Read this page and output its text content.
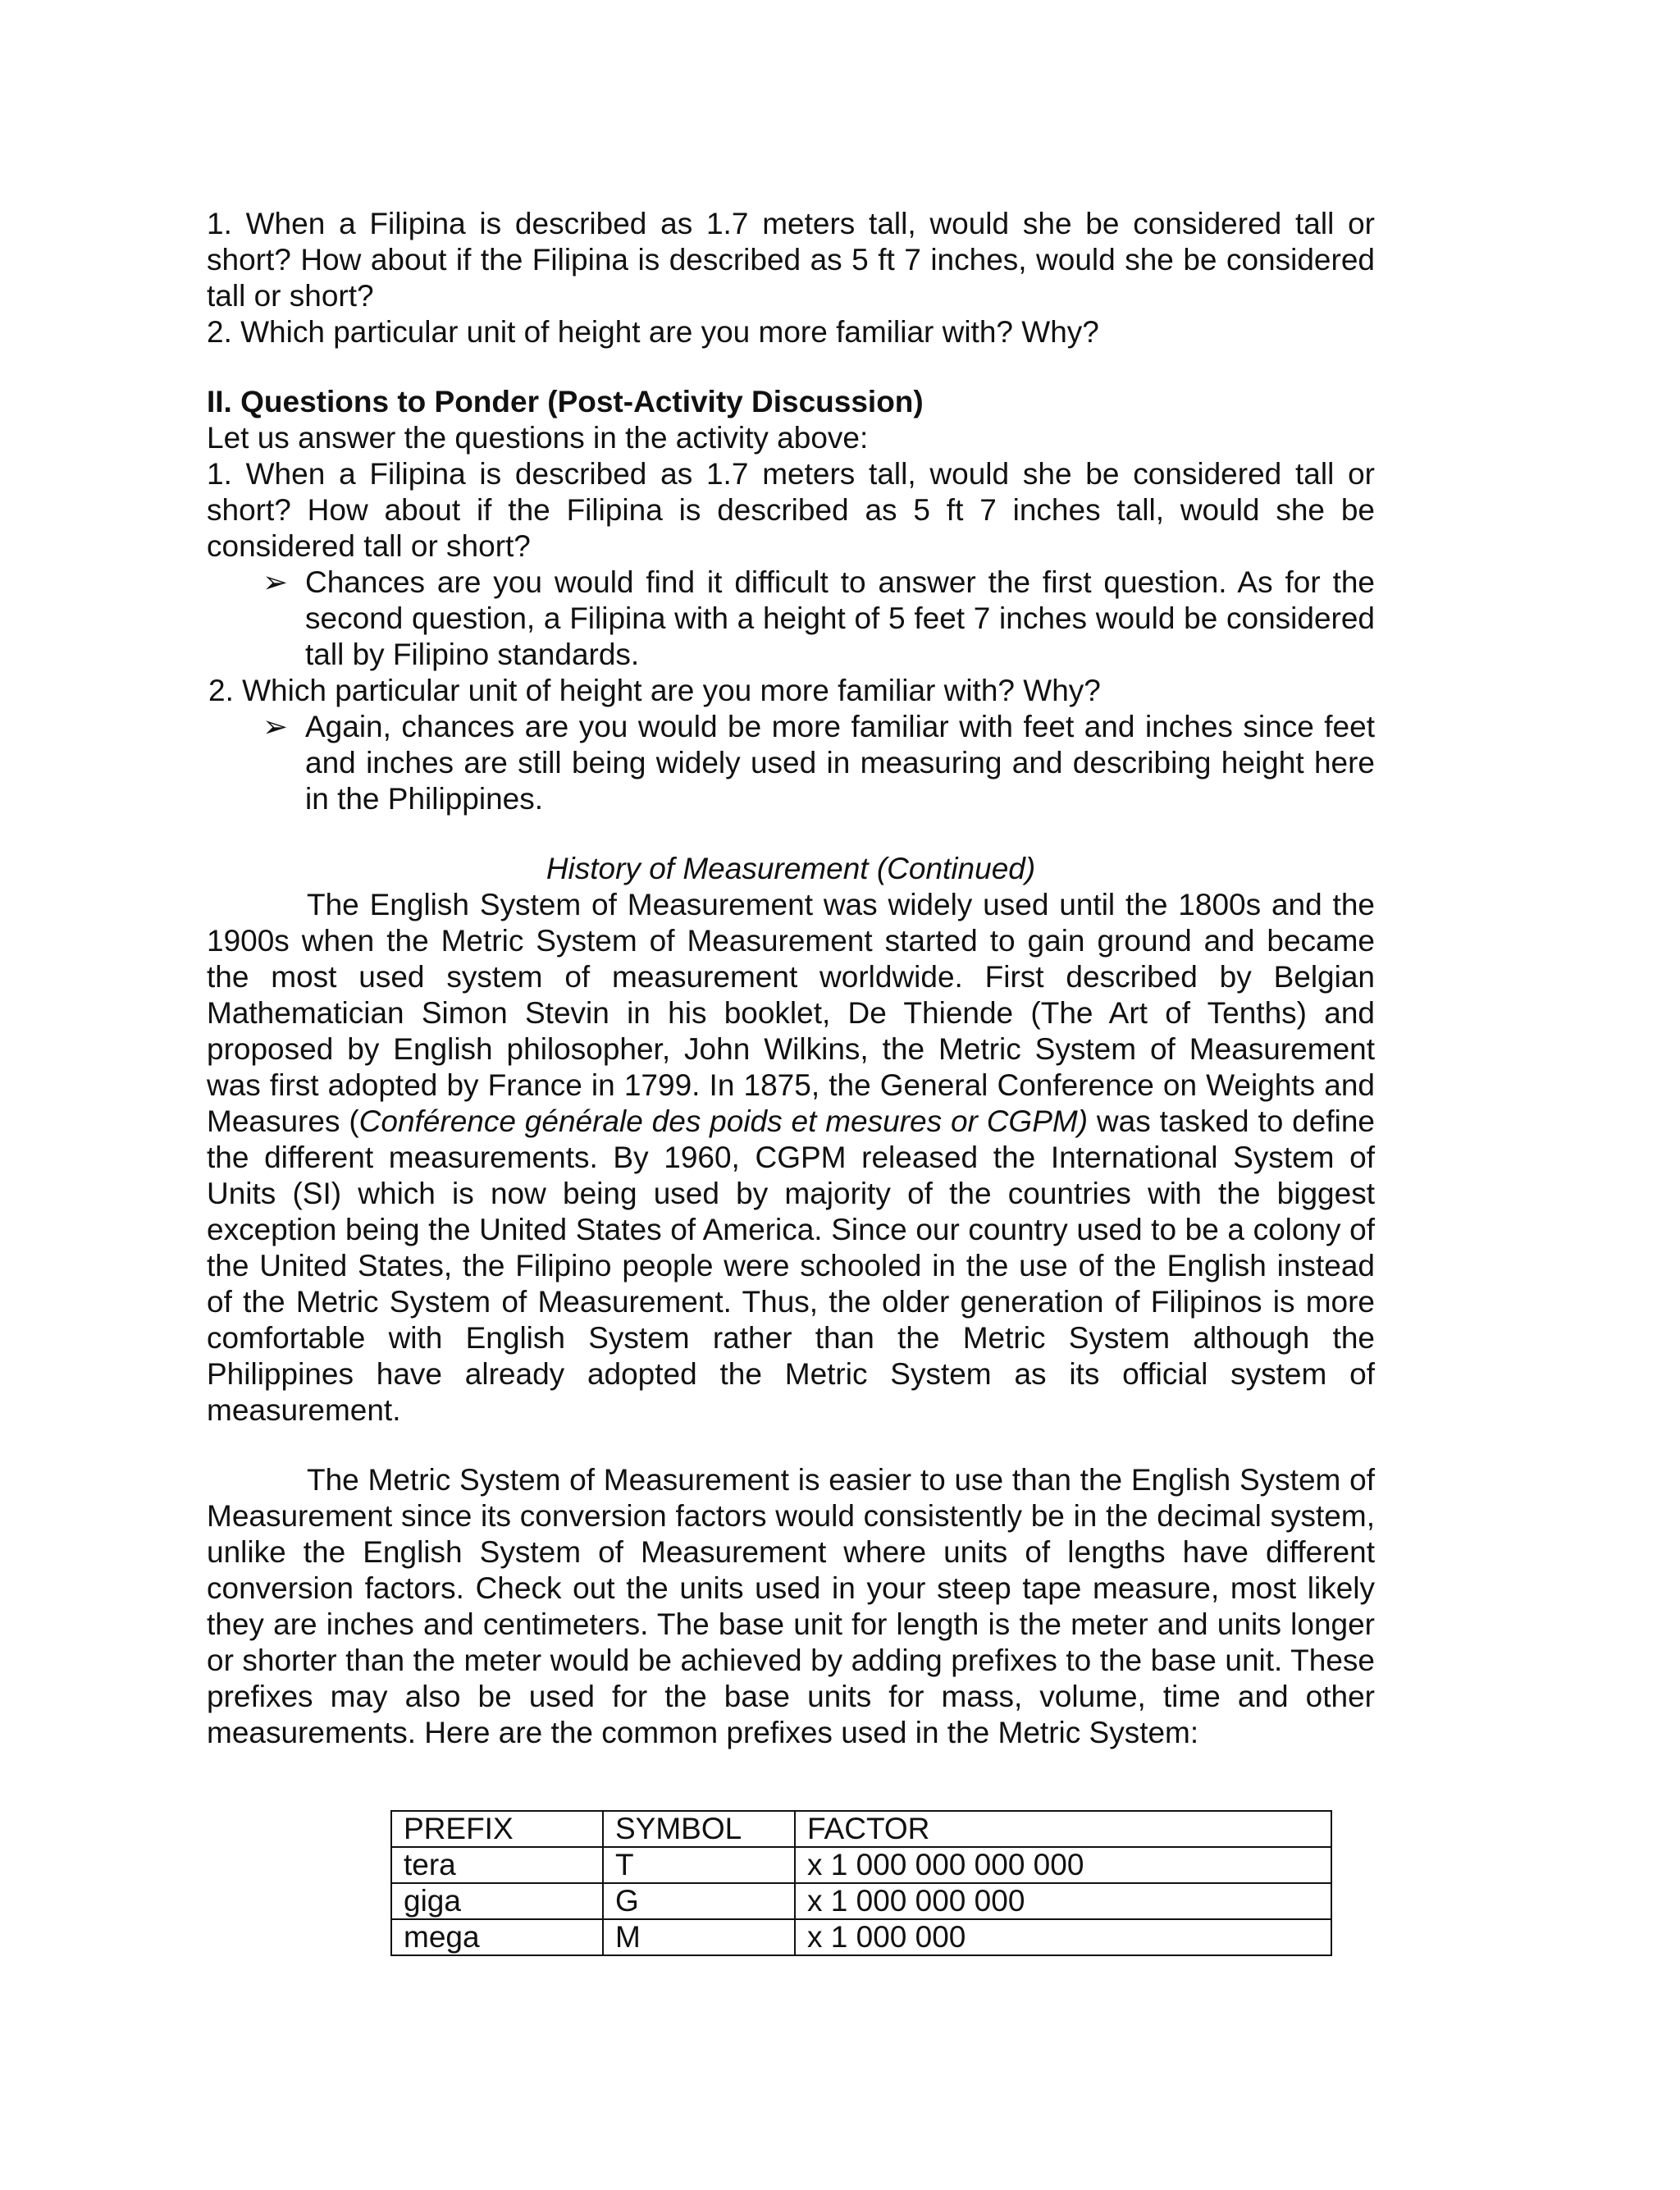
1. When a Filipina is described as 1.7 meters tall, would she be considered tall or short? How about if the Filipina is described as 5 ft 7 inches, would she be considered tall or short?

2. Which particular unit of height are you more familiar with? Why?

II. Questions to Ponder (Post-Activity Discussion)

Let us answer the questions in the activity above:

1. When a Filipina is described as 1.7 meters tall, would she be considered tall or short? How about if the Filipina is described as 5 ft 7 inches tall, would she be considered tall or short?

➢ Chances are you would find it difficult to answer the first question. As for the second question, a Filipina with a height of 5 feet 7 inches would be considered tall by Filipino standards.

2. Which particular unit of height are you more familiar with? Why?

➢ Again, chances are you would be more familiar with feet and inches since feet and inches are still being widely used in measuring and describing height here in the Philippines.

History of Measurement (Continued)

The English System of Measurement was widely used until the 1800s and the 1900s when the Metric System of Measurement started to gain ground and became the most used system of measurement worldwide. First described by Belgian Mathematician Simon Stevin in his booklet, De Thiende (The Art of Tenths) and proposed by English philosopher, John Wilkins, the Metric System of Measurement was first adopted by France in 1799. In 1875, the General Conference on Weights and Measures (Conférence générale des poids et mesures or CGPM) was tasked to define the different measurements. By 1960, CGPM released the International System of Units (SI) which is now being used by majority of the countries with the biggest exception being the United States of America. Since our country used to be a colony of the United States, the Filipino people were schooled in the use of the English instead of the Metric System of Measurement. Thus, the older generation of Filipinos is more comfortable with English System rather than the Metric System although the Philippines have already adopted the Metric System as its official system of measurement.

The Metric System of Measurement is easier to use than the English System of Measurement since its conversion factors would consistently be in the decimal system, unlike the English System of Measurement where units of lengths have different conversion factors. Check out the units used in your steep tape measure, most likely they are inches and centimeters. The base unit for length is the meter and units longer or shorter than the meter would be achieved by adding prefixes to the base unit. These prefixes may also be used for the base units for mass, volume, time and other measurements. Here are the common prefixes used in the Metric System:

PREFIX	SYMBOL	FACTOR
tera	T	x 1 000 000 000 000
giga	G	x 1 000 000 000
mega	M	x 1 000 000
